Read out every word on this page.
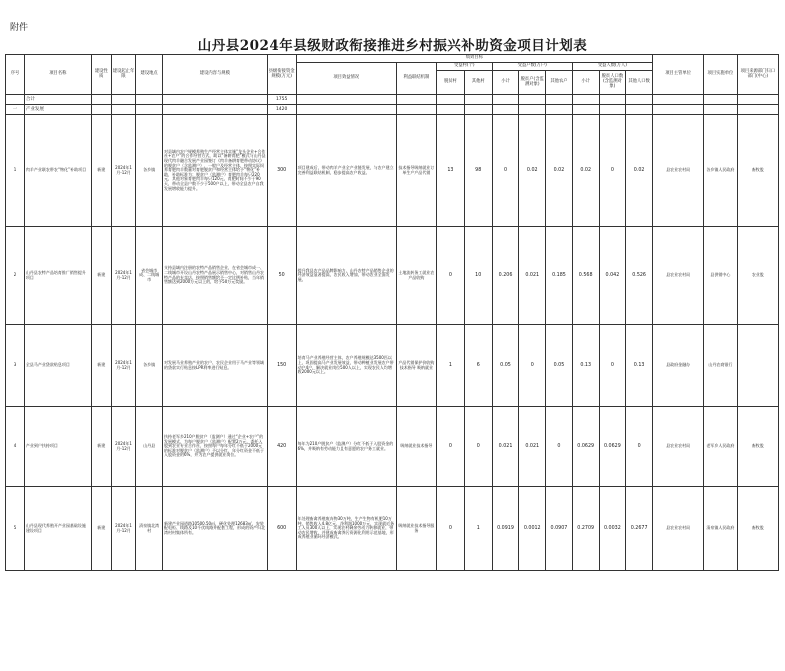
附件
山丹县2024年县级财政衔接推进乡村振兴补助资金项目计划表
序号	项目名称	建设性质	建设起止年限	建设地点	建设内容与规模	县级衔接资金规模(万元)	绩效目标										项目主管单位	项目实施单位	项目来源部门归口部门(中心)
							项目效益情况	利益联结机制	受益村(个)		受益户数(万户)			受益人数(万人)					
									脱贫村	其他村	小计	脱贫户(含监测对象)	其他农户	小计	脱贫人口数(含监测对象)	其他人口数			
	合计					1755													
一	产业发展					1420													
1	肉羊产业联农带农“物化”补助项目	新建	2024年1月-12月	各乡镇	对县域内农户规模养殖生产经营主体实施“龙头企业+合作社+农户”的合作经营方式，助以“备耕育肥”模式与山丹县现代肉羊融合发展产业园签订《肉羊备耕育肥带动协议》的脱贫户（含监测户），一般户及经营主体，按照实际饲养育肥肉羊数量对育肥脱贫户和经营主体给予“物化”补助，补助标准为：脱贫户（监测户）育肥肉羊每只220元，其他对象育肥肉羊每只120元，育肥时间不少于90天，带动全县户数不少于500户以上，带动全县农户自我发展增收能力提升。	300	项目建成后，带动肉羊产业全产业链发展，与农户建立完善利益联结机制，稳步提高农户收益。	技术指导吸纳就业订单生产产品代销	13	98	0	0.02	0.02	0.02	0	0.02	县农业农村局	各乡镇人民政府	畜牧股
2	山丹县农特产品培育推广销售提升项目	新建	2024年1月-12月	省会城市成、二线城市	支持县域内注册的农特产品销售企业，在省会城市成一、二线城市开设山丹农特产品展示销售中心，对销售山丹农特产品的专卖店，按照销售额给予一定比例补贴，当年销售额达到2000万元以上的，给予50万元奖励。	50	提升我县农产品品牌影响力，山丹农特产品销售企业的经济效益显著提高，农民收入增加，带动农业全面发展。	土地流转务工就业农产品收购	0	10	0.206	0.021	0.185	0.568	0.042	0.526	县农业农村局	县供销中心	农业股
3	全县马产业贷款贴息项目	新建	2024年1月-12月	各乡镇	对发展马业养殖产业的农户、农民企业用于马产业等领域的贷款实行贴息按LPR利率进行贴息。	150	培育马产业养殖经营主体，农户养殖规模达3500匹以上，巩固提高马产业发展效益，带动种植业发展农户带动户4户，解决就业岗位500人以上，实现农民人均增收2000元以上。	产品代销保护价收购 技术指导 吸纳就业	1	6	0.05	0	0.05	0.13	0	0.13	县政府金融办	山丹农商银行	
4	产业到户扶持项目	新建	2024年1月-12月	山丹县	扶持老军乡210户脱贫户（监测户）通过“企业+农户”的发展模式，为每户脱贫户（监测户）配置2万元，委托入股到农业专业合作社，按照每户每年分红不低于2000元的标准对脱贫户（监测户）予以分红，年分红资金不低于入股资金的6%，并为农户提供就业岗位。	420	每年为210户脱贫户（监测户）分红不低于入股资金的6%，并吸纳有劳动能力且有意愿的农户务工就业。	吸纳就业技术指导	0	0	0.021	0.021	0	0.0629	0.0629	0	县农业农村局	老军乡人民政府	畜牧股
5	山丹县现代养殖开产业园基础设施建设项目	新建	2024年1月-12月	清泉镇北湾村	新建产业园道路10500.50㎡，硬化处理12683㎡，安装配电柜、线路及10千伏线路并配套工程，形成的资产归北湾村村集体所有。	600	年处理畜禽养殖废弃物30万吨，生产生物有机肥10万吨，销售收入4.8亿元，净利润1000万元，实现就近务工人员300人以上，实现农村剩余劳动力转移就业，带动农民增收，并建成畜禽粪污资源化利用示范基地，形成养殖业循环经济模式。	吸纳就业技术指导服务	0	1	0.0919	0.0012	0.0907	0.2709	0.0032	0.2677	县农业农村局	清泉镇人民政府	畜牧股
